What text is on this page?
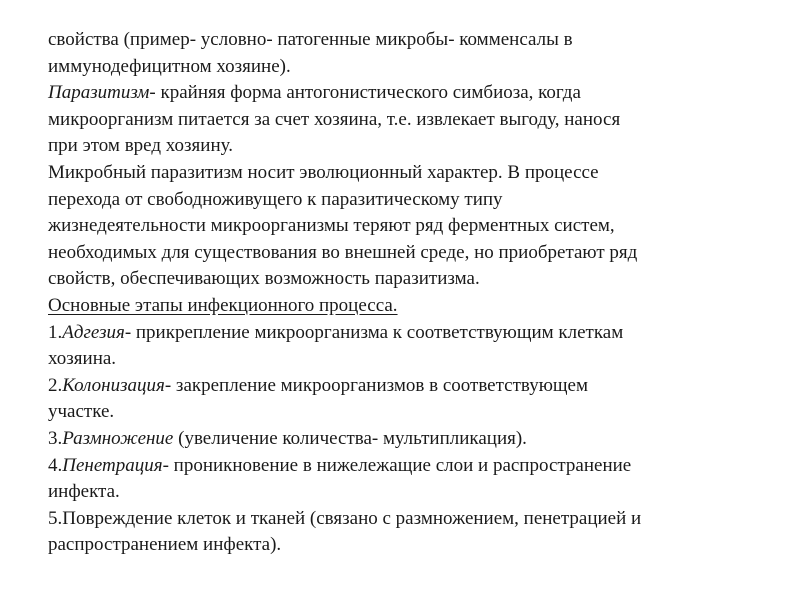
свойства (пример- условно- патогенные микробы- комменсалы в
иммунодефицитном хозяине).
Паразитизм- крайняя форма антогонистического симбиоза, когда
микроорганизм питается за счет хозяина, т.е. извлекает выгоду, нанося
при этом вред хозяину.
Микробный паразитизм носит эволюционный характер. В процессе
перехода от свободноживущего к паразитическому типу
жизнедеятельности микроорганизмы теряют ряд ферментных систем,
необходимых для существования во внешней среде, но приобретают ряд
свойств, обеспечивающих возможность паразитизма.
Основные этапы инфекционного процесса.
1.Адгезия- прикрепление микроорганизма к соответствующим клеткам
хозяина.
2.Колонизация- закрепление микроорганизмов в соответствующем
участке.
3.Размножение (увеличение количества- мультипликация).
4.Пенетрация- проникновение в нижележащие слои и распространение
инфекта.
5.Повреждение клеток и тканей (связано с размножением, пенетрацией и
распространением инфекта).
